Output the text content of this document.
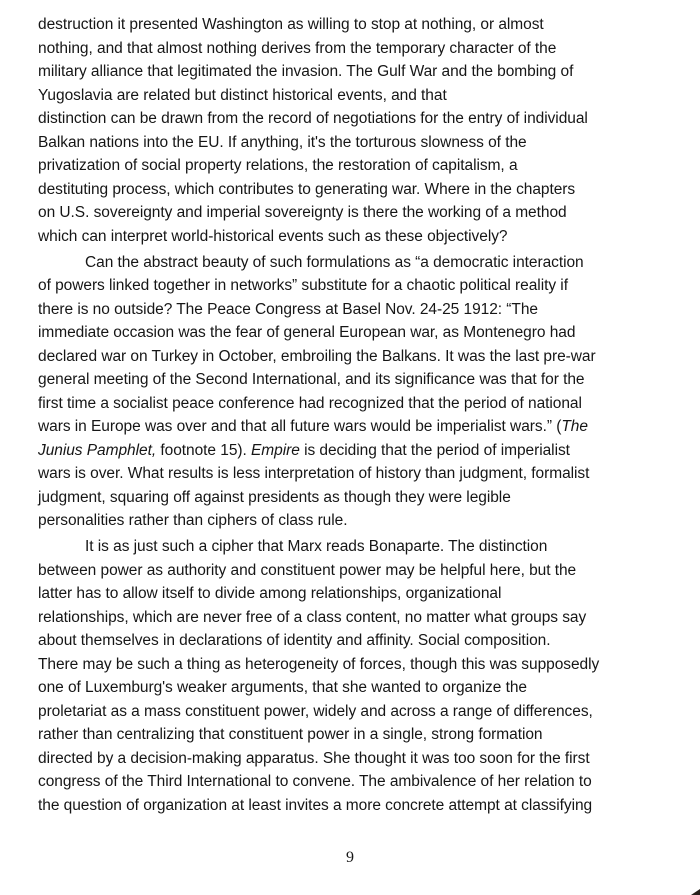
destruction it presented Washington as willing to stop at nothing, or almost
nothing, and that almost nothing derives from the temporary character of the
military alliance that legitimated the invasion. The Gulf War and the bombing of
Yugoslavia are related but distinct historical events, and that
distinction can be drawn from the record of negotiations for the entry of individual
Balkan nations into the EU. If anything, it's the torturous slowness of the
privatization of social property relations, the restoration of capitalism, a
destituting process, which contributes to generating war. Where in the chapters
on U.S. sovereignty and imperial sovereignty is there the working of a method
which can interpret world-historical events such as these objectively?
Can the abstract beauty of such formulations as “a democratic interaction
of powers linked together in networks” substitute for a chaotic political reality if
there is no outside? The Peace Congress at Basel Nov. 24-25 1912: “The
immediate occasion was the fear of general European war, as Montenegro had
declared war on Turkey in October, embroiling the Balkans. It was the last pre-war
general meeting of the Second International, and its significance was that for the
first time a socialist peace conference had recognized that the period of national
wars in Europe was over and that all future wars would be imperialist wars.” (The
Junius Pamphlet, footnote 15). Empire is deciding that the period of imperialist
wars is over. What results is less interpretation of history than judgment, formalist
judgment, squaring off against presidents as though they were legible
personalities rather than ciphers of class rule.
It is as just such a cipher that Marx reads Bonaparte. The distinction
between power as authority and constituent power may be helpful here, but the
latter has to allow itself to divide among relationships, organizational
relationships, which are never free of a class content, no matter what groups say
about themselves in declarations of identity and affinity. Social composition.
There may be such a thing as heterogeneity of forces, though this was supposedly
one of Luxemburg's weaker arguments, that she wanted to organize the
proletariat as a mass constituent power, widely and across a range of differences,
rather than centralizing that constituent power in a single, strong formation
directed by a decision-making apparatus. She thought it was too soon for the first
congress of the Third International to convene. The ambivalence of her relation to
the question of organization at least invites a more concrete attempt at classifying
9
